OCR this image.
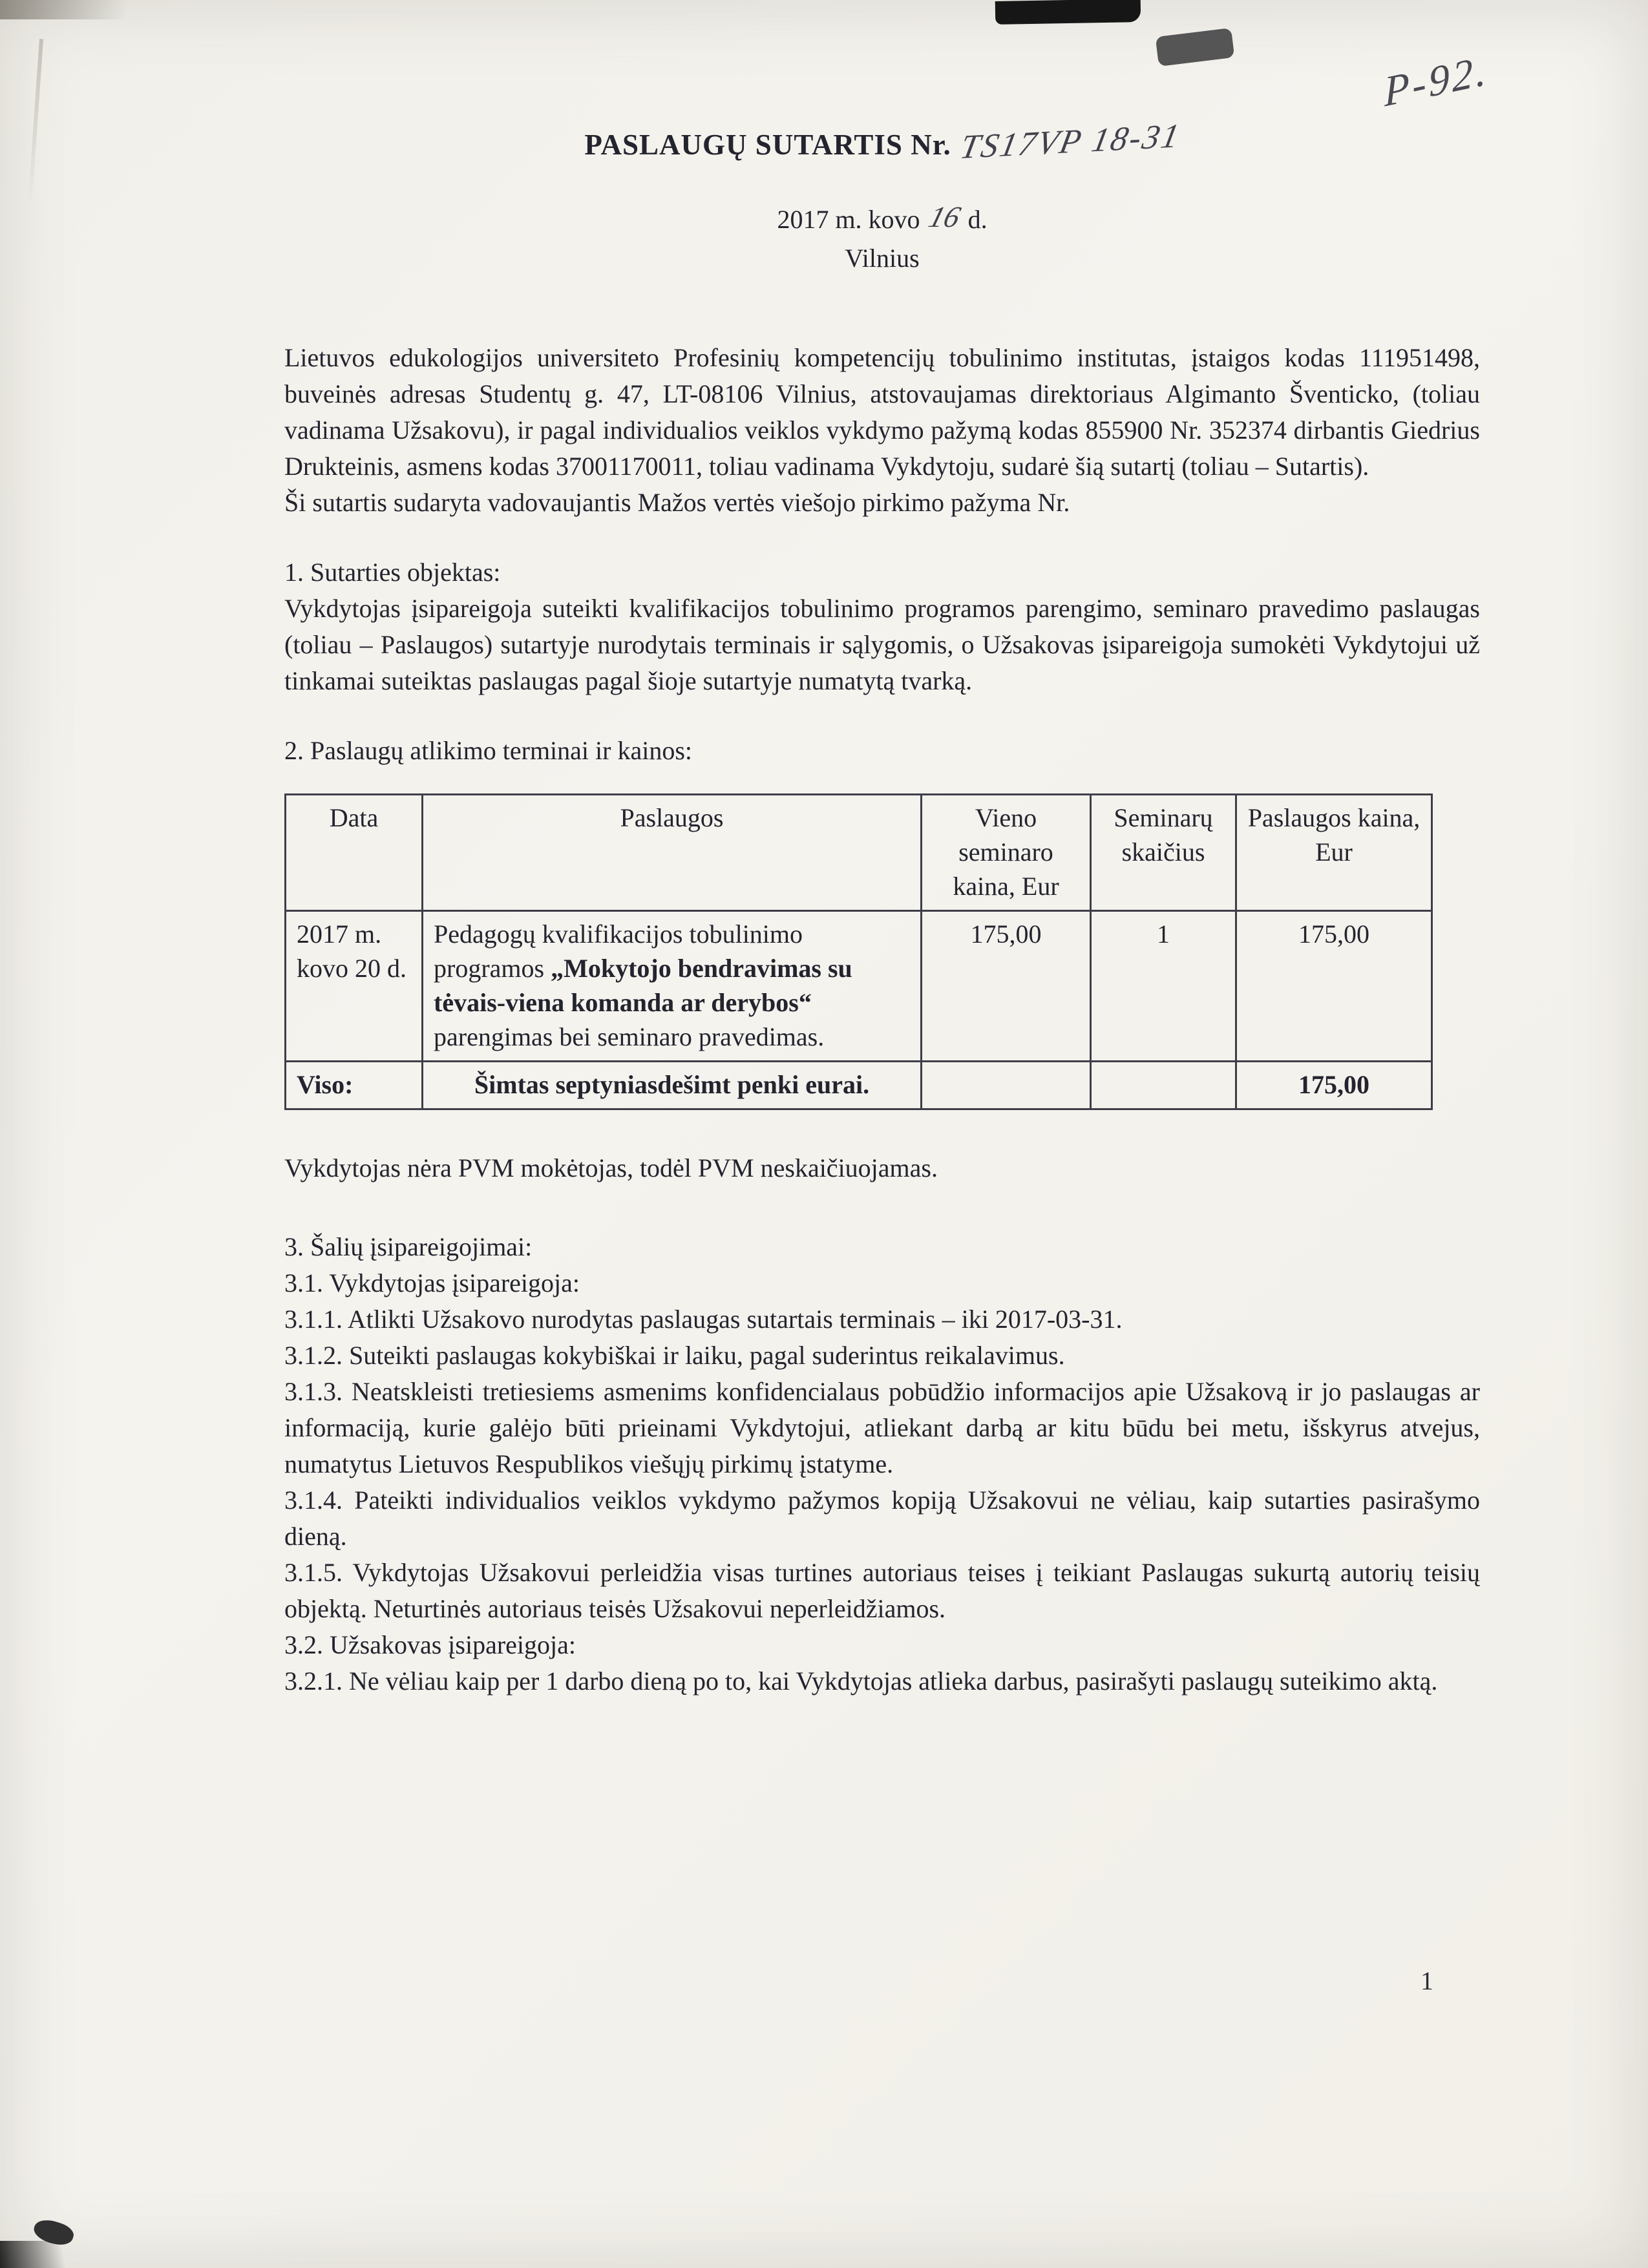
P-92.
PASLAUGŲ SUTARTIS Nr. TS17VP 18-31
2017 m. kovo 16 d.
Vilnius

Lietuvos edukologijos universiteto Profesinių kompetencijų tobulinimo institutas, įstaigos kodas 111951498, buveinės adresas Studentų g. 47, LT-08106 Vilnius, atstovaujamas direktoriaus Algimanto Šventicko, (toliau vadinama Užsakovu), ir pagal individualios veiklos vykdymo pažymą kodas 855900 Nr. 352374 dirbantis Giedrius Drukteinis, asmens kodas 37001170011, toliau vadinama Vykdytoju, sudarė šią sutartį (toliau – Sutartis).

Ši sutartis sudaryta vadovaujantis Mažos vertės viešojo pirkimo pažyma Nr.

1. Sutarties objektas:

Vykdytojas įsipareigoja suteikti kvalifikacijos tobulinimo programos parengimo, seminaro pravedimo paslaugas (toliau – Paslaugos) sutartyje nurodytais terminais ir sąlygomis, o Užsakovas įsipareigoja sumokėti Vykdytojui už tinkamai suteiktas paslaugas pagal šioje sutartyje numatytą tvarką.

2. Paslaugų atlikimo terminai ir kainos:

Data	Paslaugos	Vieno seminaro kaina, Eur	Seminarų skaičius	Paslaugos kaina, Eur
2017 m. kovo 20 d.	Pedagogų kvalifikacijos tobulinimo programos „Mokytojo bendravimas su tėvais-viena komanda ar derybos“ parengimas bei seminaro pravedimas.	175,00	1	175,00
Viso:	Šimtas septyniasdešimt penki eurai.			175,00

Vykdytojas nėra PVM mokėtojas, todėl PVM neskaičiuojamas.

3. Šalių įsipareigojimai:

3.1. Vykdytojas įsipareigoja:

3.1.1. Atlikti Užsakovo nurodytas paslaugas sutartais terminais – iki 2017-03-31.

3.1.2. Suteikti paslaugas kokybiškai ir laiku, pagal suderintus reikalavimus.

3.1.3. Neatskleisti tretiesiems asmenims konfidencialaus pobūdžio informacijos apie Užsakovą ir jo paslaugas ar informaciją, kurie galėjo būti prieinami Vykdytojui, atliekant darbą ar kitu būdu bei metu, išskyrus atvejus, numatytus Lietuvos Respublikos viešųjų pirkimų įstatyme.

3.1.4. Pateikti individualios veiklos vykdymo pažymos kopiją Užsakovui ne vėliau, kaip sutarties pasirašymo dieną.

3.1.5. Vykdytojas Užsakovui perleidžia visas turtines autoriaus teises į teikiant Paslaugas sukurtą autorių teisių objektą. Neturtinės autoriaus teisės Užsakovui neperleidžiamos.

3.2. Užsakovas įsipareigoja:

3.2.1. Ne vėliau kaip per 1 darbo dieną po to, kai Vykdytojas atlieka darbus, pasirašyti paslaugų suteikimo aktą.

1
